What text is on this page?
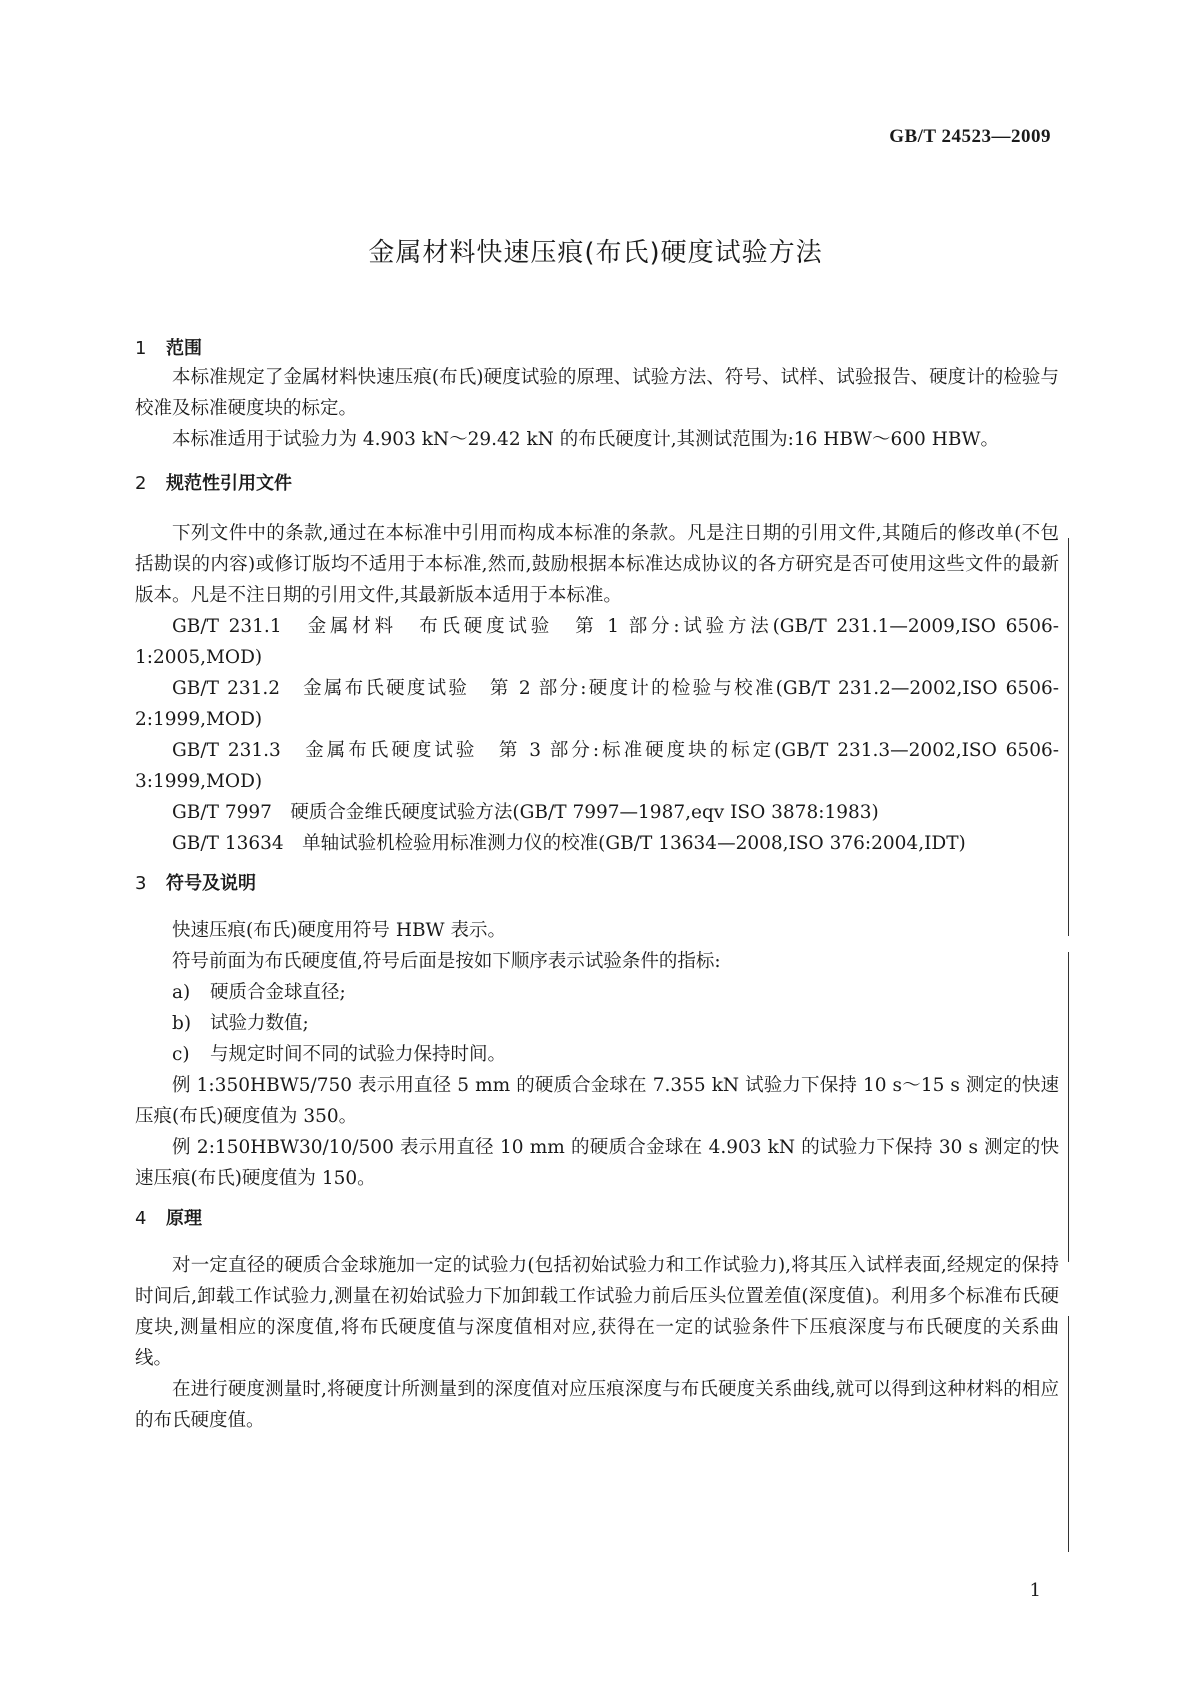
GB/T 24523—2009
金属材料快速压痕(布氏)硬度试验方法

1 范围

本标准规定了金属材料快速压痕(布氏)硬度试验的原理、试验方法、符号、试样、试验报告、硬度计的检验与校准及标准硬度块的标定。

本标准适用于试验力为 4.903 kN～29.42 kN 的布氏硬度计,其测试范围为:16 HBW～600 HBW。

2 规范性引用文件

下列文件中的条款,通过在本标准中引用而构成本标准的条款。凡是注日期的引用文件,其随后的修改单(不包括勘误的内容)或修订版均不适用于本标准,然而,鼓励根据本标准达成协议的各方研究是否可使用这些文件的最新版本。凡是不注日期的引用文件,其最新版本适用于本标准。

GB/T 231.1　金属材料　布氏硬度试验　第 1 部分:试验方法(GB/T 231.1—2009,ISO 6506-1:2005,MOD)

GB/T 231.2　金属布氏硬度试验　第 2 部分:硬度计的检验与校准(GB/T 231.2—2002,ISO 6506-2:1999,MOD)

GB/T 231.3　金属布氏硬度试验　第 3 部分:标准硬度块的标定(GB/T 231.3—2002,ISO 6506-3:1999,MOD)

GB/T 7997　硬质合金维氏硬度试验方法(GB/T 7997—1987,eqv ISO 3878:1983)

GB/T 13634　单轴试验机检验用标准测力仪的校准(GB/T 13634—2008,ISO 376:2004,IDT)

3 符号及说明

快速压痕(布氏)硬度用符号 HBW 表示。

符号前面为布氏硬度值,符号后面是按如下顺序表示试验条件的指标:

a) 硬质合金球直径;

b) 试验力数值;

c) 与规定时间不同的试验力保持时间。

例 1:350HBW5/750 表示用直径 5 mm 的硬质合金球在 7.355 kN 试验力下保持 10 s～15 s 测定的快速压痕(布氏)硬度值为 350。

例 2:150HBW30/10/500 表示用直径 10 mm 的硬质合金球在 4.903 kN 的试验力下保持 30 s 测定的快速压痕(布氏)硬度值为 150。

4 原理

对一定直径的硬质合金球施加一定的试验力(包括初始试验力和工作试验力),将其压入试样表面,经规定的保持时间后,卸载工作试验力,测量在初始试验力下加卸载工作试验力前后压头位置差值(深度值)。利用多个标准布氏硬度块,测量相应的深度值,将布氏硬度值与深度值相对应,获得在一定的试验条件下压痕深度与布氏硬度的关系曲线。

在进行硬度测量时,将硬度计所测量到的深度值对应压痕深度与布氏硬度关系曲线,就可以得到这种材料的相应的布氏硬度值。

1
